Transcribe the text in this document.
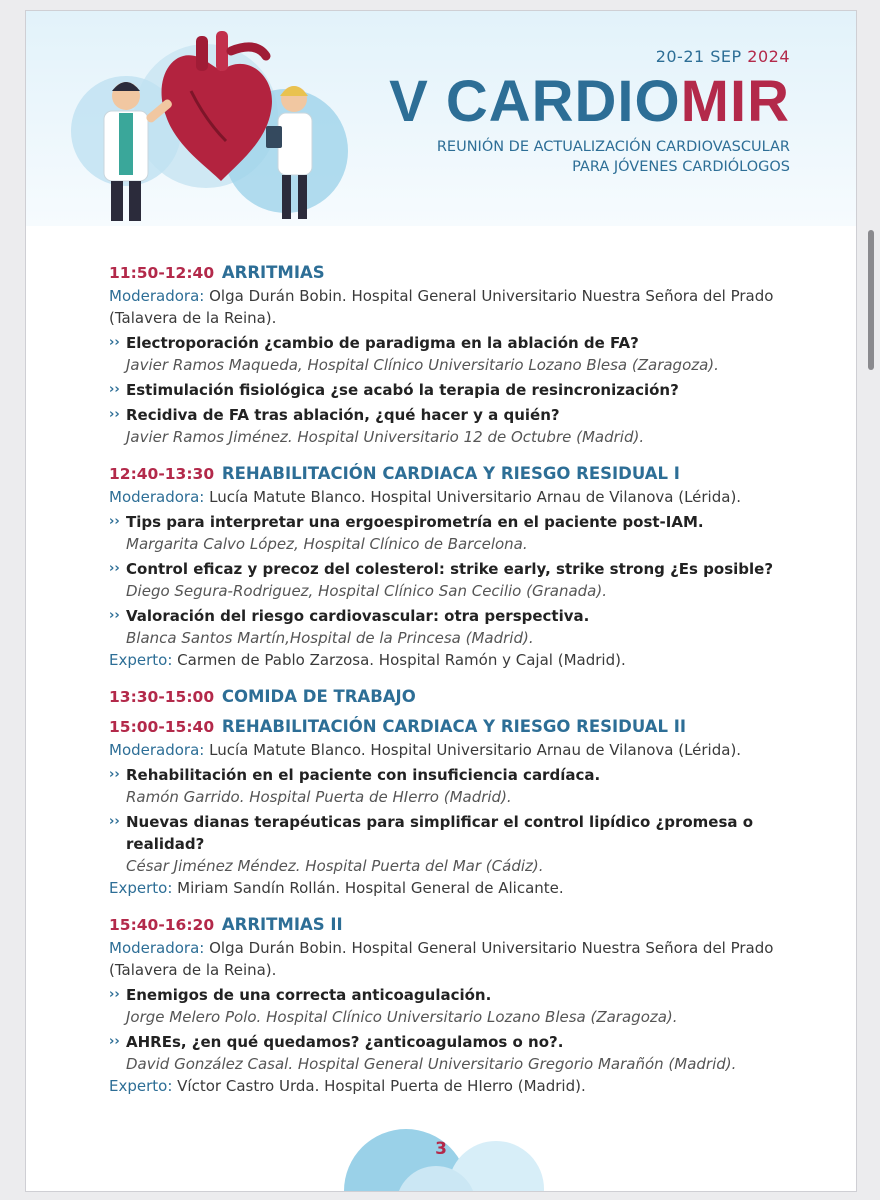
20-21 SEP 2024
V CARDIOMIR
REUNIÓN DE ACTUALIZACIÓN CARDIOVASCULAR
PARA JÓVENES CARDIÓLOGOS
11:50-12:40 ARRITMIAS
Moderadora: Olga Durán Bobin. Hospital General Universitario Nuestra Señora del Prado (Talavera de la Reina).
›› Electroporación ¿cambio de paradigma en la ablación de FA?
Javier Ramos Maqueda, Hospital Clínico Universitario Lozano Blesa (Zaragoza).
›› Estimulación fisiológica ¿se acabó la terapia de resincronización?
›› Recidiva de FA tras ablación, ¿qué hacer y a quién?
Javier Ramos Jiménez. Hospital Universitario 12 de Octubre (Madrid).
12:40-13:30 REHABILITACIÓN CARDIACA Y RIESGO RESIDUAL I
Moderadora: Lucía Matute Blanco. Hospital Universitario Arnau de Vilanova (Lérida).
›› Tips para interpretar una ergoespirometría en el paciente post-IAM.
Margarita Calvo López, Hospital Clínico de Barcelona.
›› Control eficaz y precoz del colesterol: strike early, strike strong ¿Es posible?
Diego Segura-Rodriguez, Hospital Clínico San Cecilio (Granada).
›› Valoración del riesgo cardiovascular: otra perspectiva.
Blanca Santos Martín,Hospital de la Princesa (Madrid).
Experto: Carmen de Pablo Zarzosa. Hospital Ramón y Cajal (Madrid).
13:30-15:00 COMIDA DE TRABAJO
15:00-15:40 REHABILITACIÓN CARDIACA Y RIESGO RESIDUAL II
Moderadora: Lucía Matute Blanco. Hospital Universitario Arnau de Vilanova (Lérida).
›› Rehabilitación en el paciente con insuficiencia cardíaca.
Ramón Garrido. Hospital Puerta de HIerro (Madrid).
›› Nuevas dianas terapéuticas para simplificar el control lipídico ¿promesa o realidad?
César Jiménez Méndez. Hospital Puerta del Mar (Cádiz).
Experto: Miriam Sandín Rollán. Hospital General de Alicante.
15:40-16:20 ARRITMIAS II
Moderadora: Olga Durán Bobin. Hospital General Universitario Nuestra Señora del Prado (Talavera de la Reina).
›› Enemigos de una correcta anticoagulación.
Jorge Melero Polo. Hospital Clínico Universitario Lozano Blesa (Zaragoza).
›› AHREs, ¿en qué quedamos? ¿anticoagulamos o no?.
David González Casal. Hospital General Universitario Gregorio Marañón (Madrid).
Experto: Víctor Castro Urda. Hospital Puerta de HIerro (Madrid).
3
